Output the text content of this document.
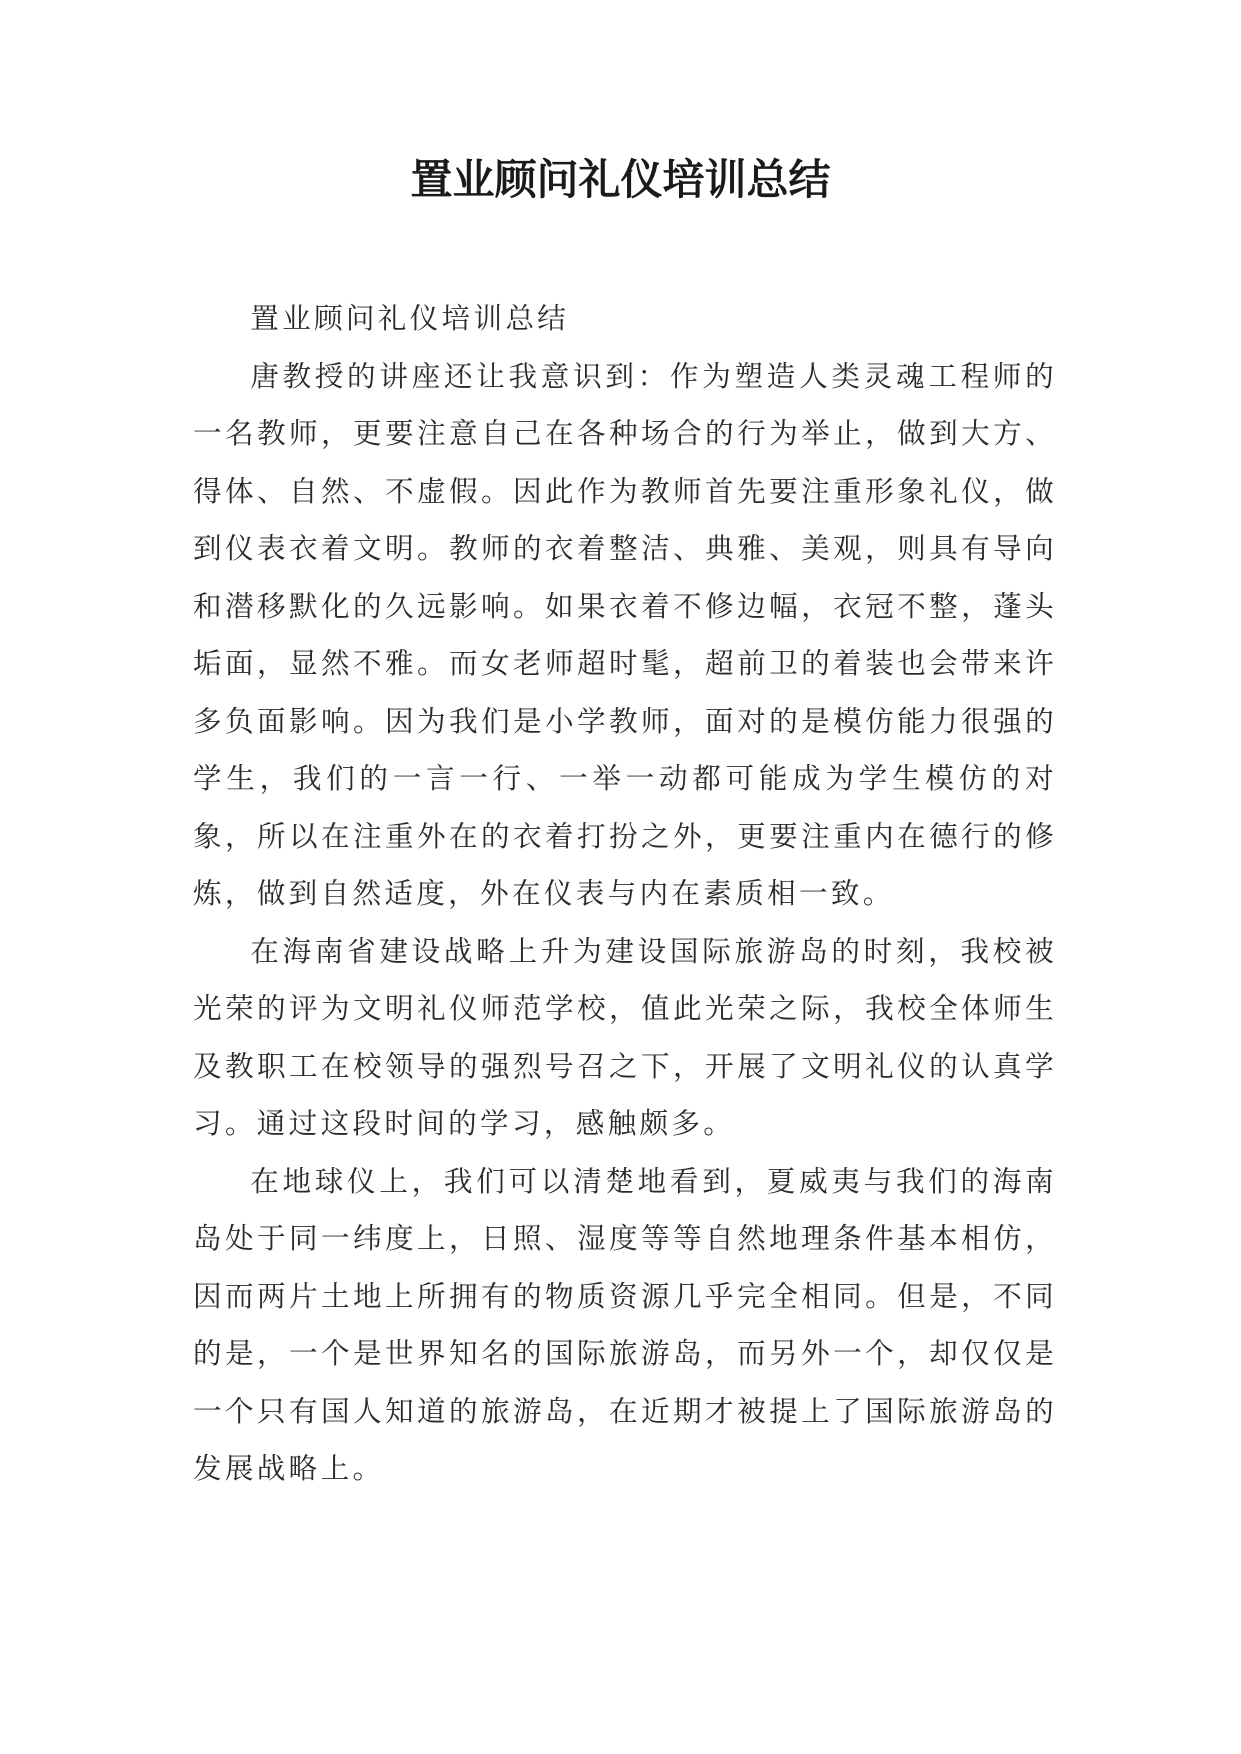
置业顾问礼仪培训总结

置业顾问礼仪培训总结

唐教授的讲座还让我意识到：作为塑造人类灵魂工程师的一名教师，更要注意自己在各种场合的行为举止，做到大方、得体、自然、不虚假。因此作为教师首先要注重形象礼仪，做到仪表衣着文明。教师的衣着整洁、典雅、美观，则具有导向和潜移默化的久远影响。如果衣着不修边幅，衣冠不整，蓬头垢面，显然不雅。而女老师超时髦，超前卫的着装也会带来许多负面影响。因为我们是小学教师，面对的是模仿能力很强的学生，我们的一言一行、一举一动都可能成为学生模仿的对象，所以在注重外在的衣着打扮之外，更要注重内在德行的修炼，做到自然适度，外在仪表与内在素质相一致。

在海南省建设战略上升为建设国际旅游岛的时刻，我校被光荣的评为文明礼仪师范学校，值此光荣之际，我校全体师生及教职工在校领导的强烈号召之下，开展了文明礼仪的认真学习。通过这段时间的学习，感触颇多。

在地球仪上，我们可以清楚地看到，夏威夷与我们的海南岛处于同一纬度上，日照、湿度等等自然地理条件基本相仿，因而两片土地上所拥有的物质资源几乎完全相同。但是，不同的是，一个是世界知名的国际旅游岛，而另外一个，却仅仅是一个只有国人知道的旅游岛，在近期才被提上了国际旅游岛的发展战略上。
